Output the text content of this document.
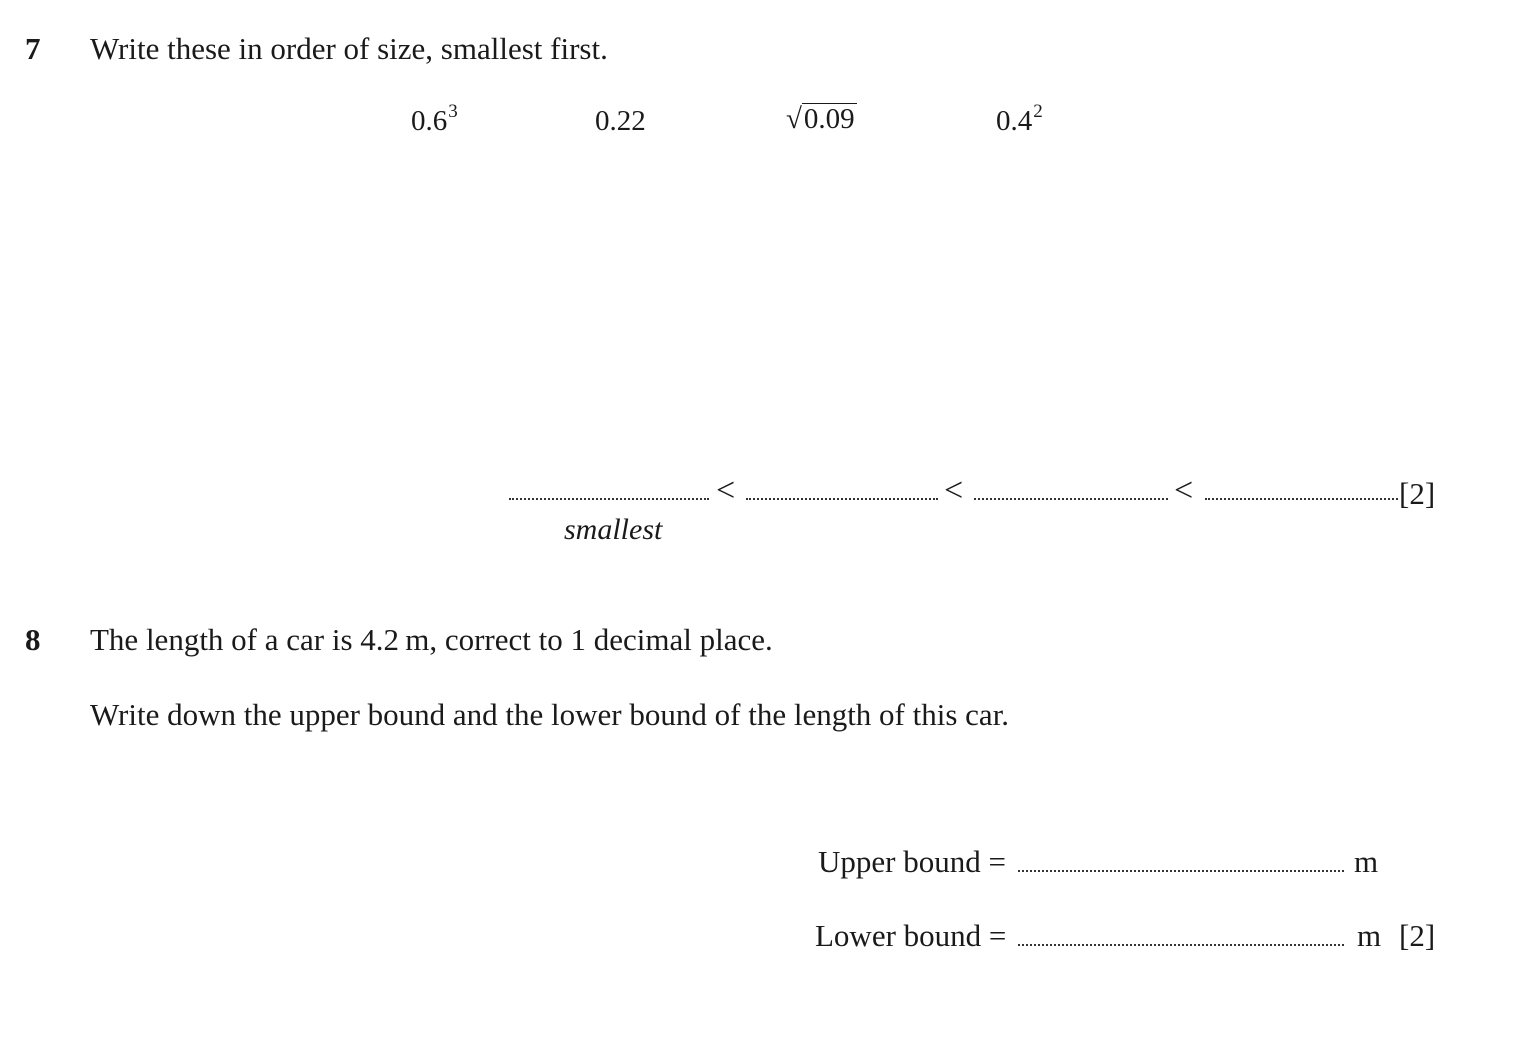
7 Write these in order of size, smallest first.
$0.6^3$	0.22	√ 0.09	$0.4^2$
<	<	<	[2]
smallest
8 The length of a car is 4.2 m, correct to 1 decimal place.
Write down the upper bound and the lower bound of the length of this car.
Upper bound =	m
Lower bound =	m [2]
